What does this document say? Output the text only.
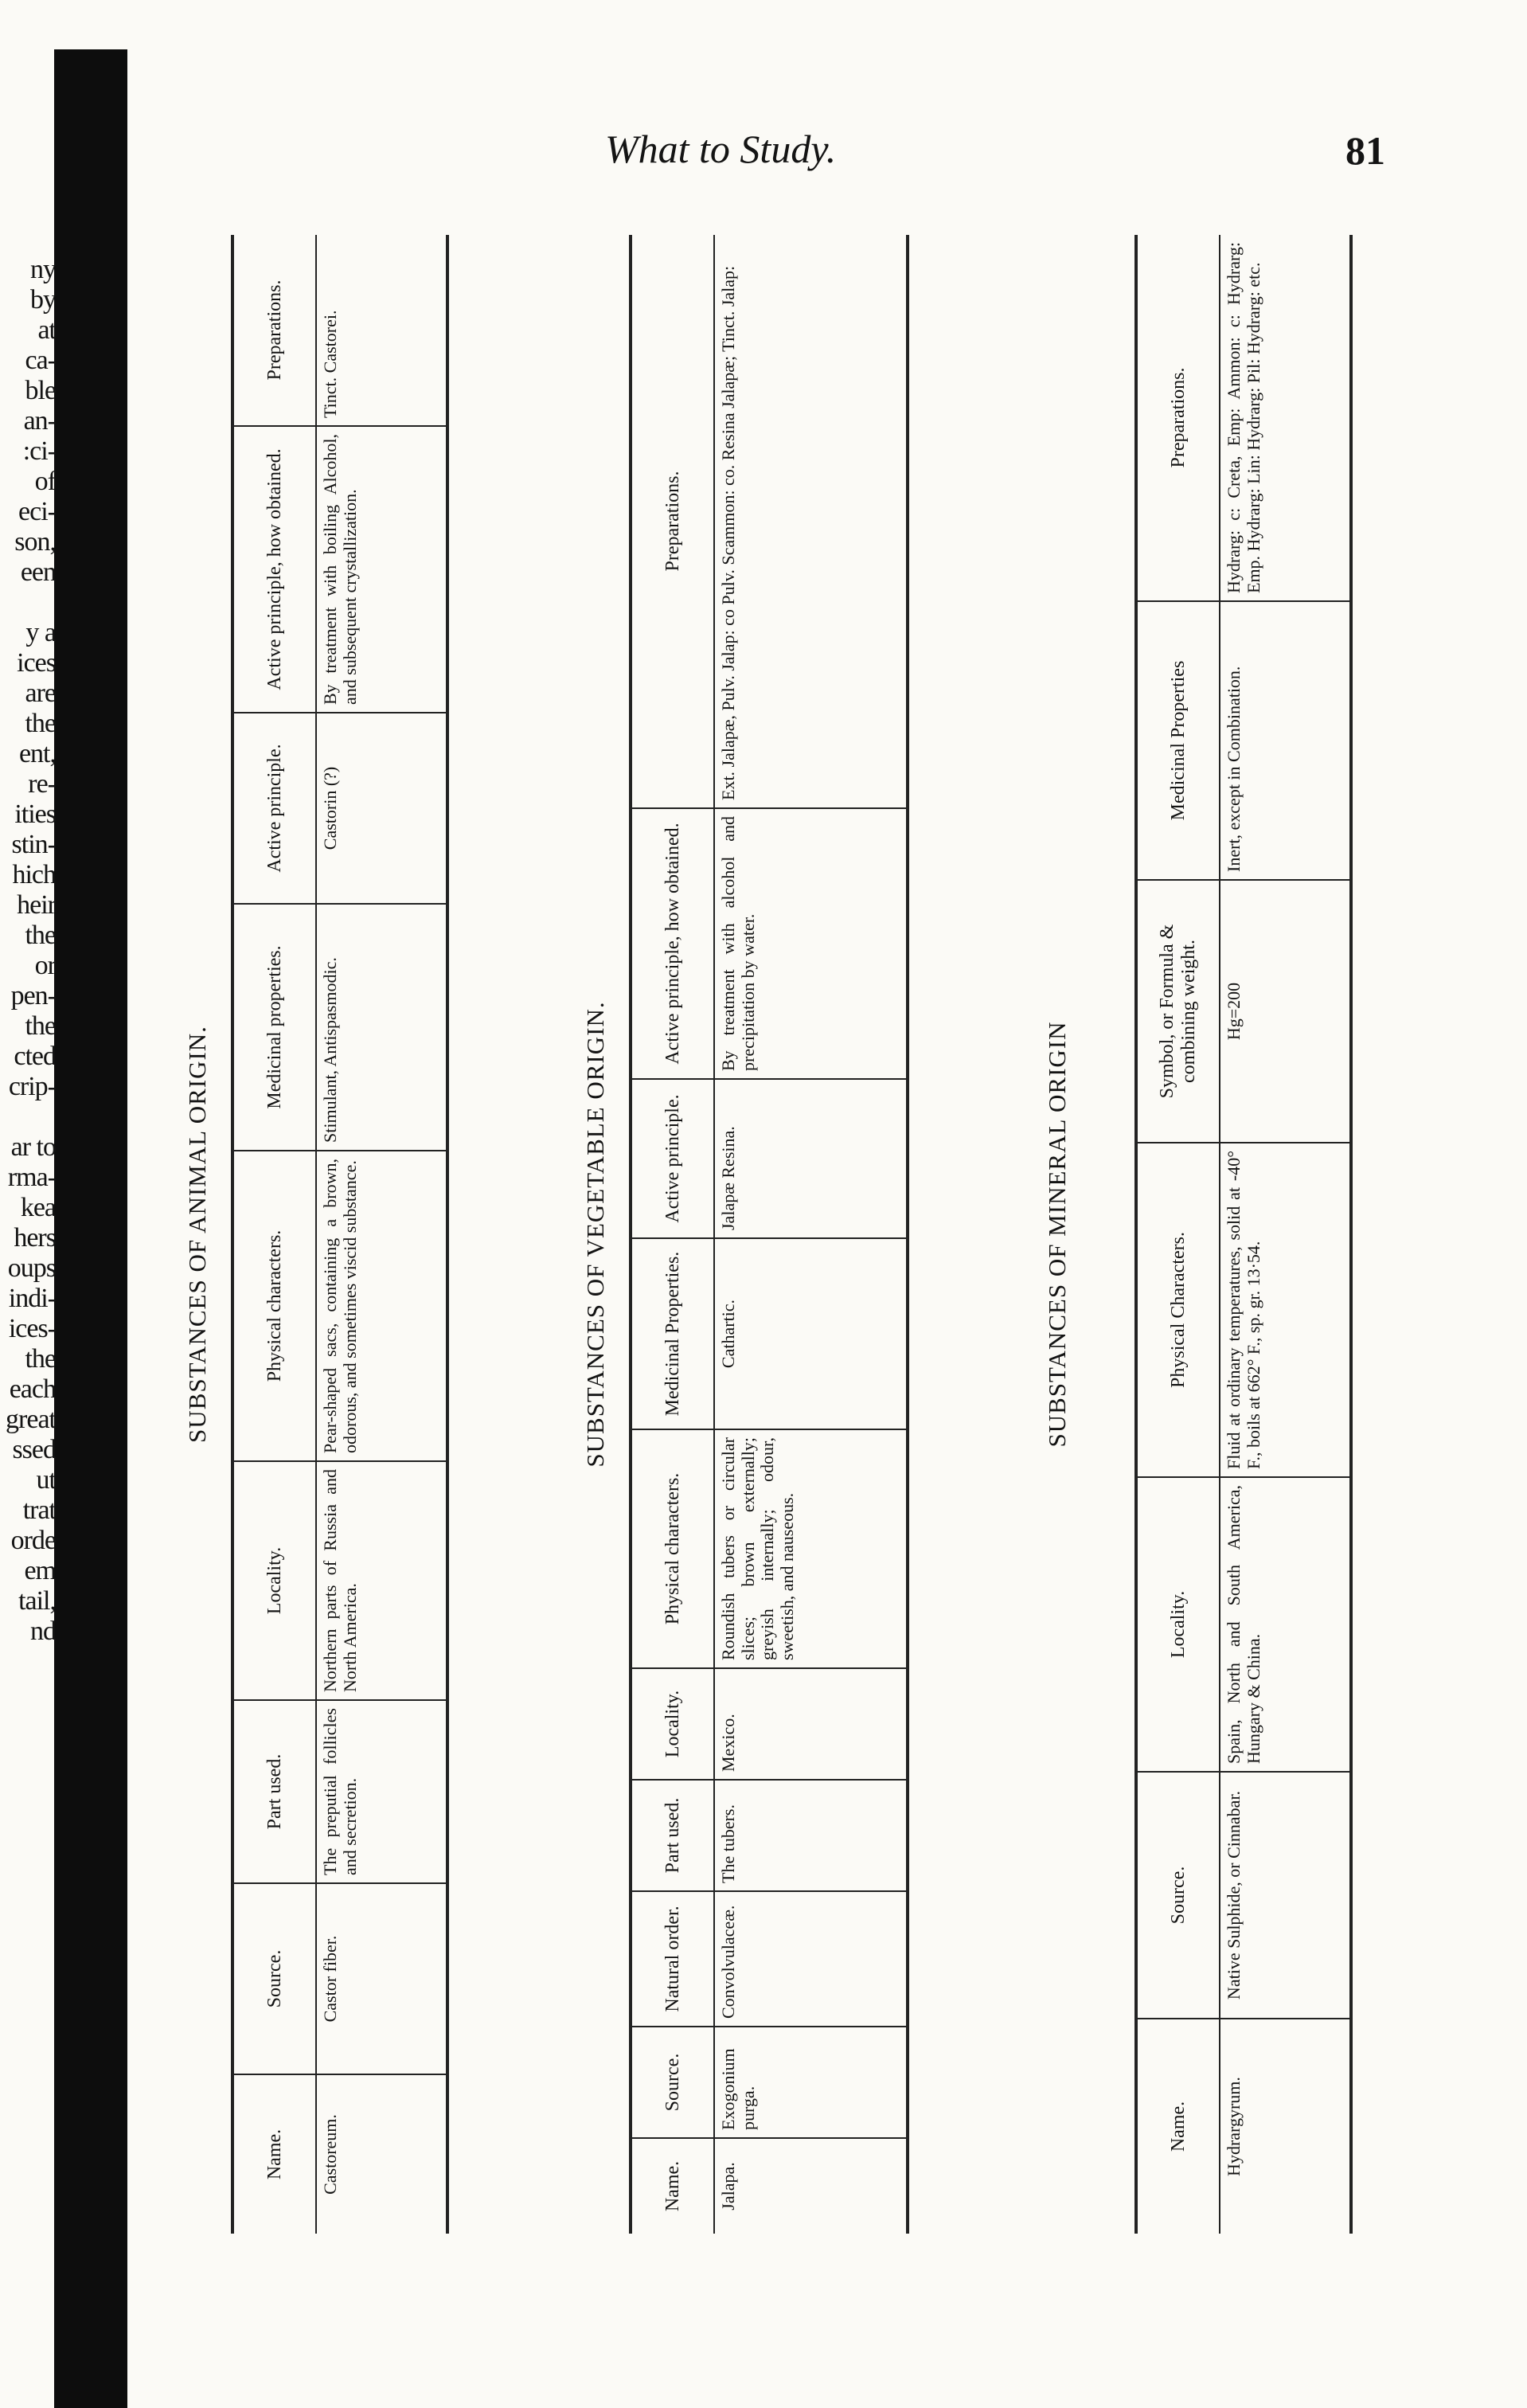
ny
by
at
ca-
ble
an-
:ci-
of
eci-
son,
een
y a
ices
are
the
ent,
re-
ities
stin-
hich
heir
the
or
pen-
the
cted
crip-
ar to
rma-
kea
hers
oups
indi-
ices-
the
each
great
ssed
ut
trat
orde
em
tail,
nd
What to Study.	81
SUBSTANCES OF ANIMAL ORIGIN.
Name.	Source.	Part used.	Locality.	Physical characters.	Medicinal properties.	Active principle.	Active principle, how obtained.	Preparations.
Castoreum.	Castor fiber.	The preputial follicles and secretion.	Northern parts of Russia and North America.	Pear-shaped sacs, containing a brown, odorous, and sometimes viscid substance.	Stimulant, Antispasmodic.	Castorin (?)	By treatment with boiling Alcohol, and subsequent crystallization.	Tinct. Castorei.
SUBSTANCES OF VEGETABLE ORIGIN.
Name.	Source.	Natural order.	Part used.	Locality.	Physical characters.	Medicinal Properties.	Active principle.	Active principle, how obtained.	Preparations.
Jalapa.	Exogonium purga.	Convolvulaceæ.	The tubers.	Mexico.	Roundish tubers or circular slices; brown externally; greyish internally; odour, sweetish, and nauseous.	Cathartic.	Jalapæ Resina.	By treatment with alcohol and precipitation by water.	Ext. Jalapæ, Pulv. Jalap: co Pulv. Scammon: co. Resina Jalapæ; Tinct. Jalap:
SUBSTANCES OF MINERAL ORIGIN
Name.	Source.	Locality.	Physical Characters.	Symbol, or Formula & combining weight.	Medicinal Properties	Preparations.
Hydrargyrum.	Native Sulphide, or Cinnabar.	Spain, North and South America, Hungary & China.	Fluid at ordinary temperatures, solid at -40° F., boils at 662° F., sp. gr. 13·54.	Hg=200	Inert, except in Combination.	Hydrarg: c: Creta, Emp: Ammon: c: Hydrarg: Emp. Hydrarg: Lin: Hydrarg: Pil: Hydrarg: etc.
